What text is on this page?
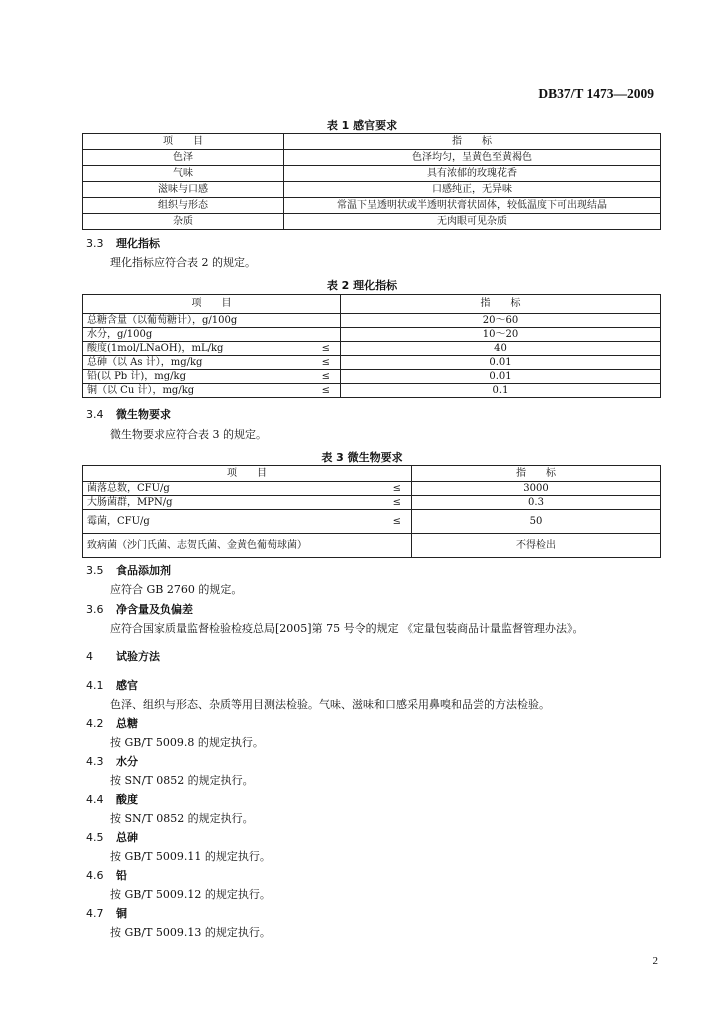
DB37/T 1473—2009
表 1 感官要求
项　　目	指　　标
色泽	色泽均匀，呈黄色至黄褐色
气味	具有浓郁的玫瑰花香
滋味与口感	口感纯正，无异味
组织与形态	常温下呈透明状或半透明状膏状固体，较低温度下可出现结晶
杂质	无肉眼可见杂质
3.3 理化指标
理化指标应符合表 2 的规定。
表 2 理化指标
项　　目		指　　标
总糖含量（以葡萄糖计），g/100g		20～60
水分，g/100g		10～20
酸度(1mol/LNaOH)，mL/kg	≤	40
总砷（以 As 计），mg/kg	≤	0.01
铅(以 Pb 计)，mg/kg	≤	0.01
铜（以 Cu 计），mg/kg	≤	0.1
3.4 微生物要求
微生物要求应符合表 3 的规定。
表 3 微生物要求
项　　目		指　　标
菌落总数，CFU/g	≤	3000
大肠菌群，MPN/g	≤	0.3
霉菌，CFU/g	≤	50
致病菌（沙门氏菌、志贺氏菌、金黄色葡萄球菌）		不得检出
3.5 食品添加剂
应符合 GB 2760 的规定。
3.6 净含量及负偏差
应符合国家质量监督检验检疫总局[2005]第 75 号令的规定 《定量包装商品计量监督管理办法》。
4 试验方法
4.1 感官
色泽、组织与形态、杂质等用目测法检验。气味、滋味和口感采用鼻嗅和品尝的方法检验。
4.2 总糖
按 GB/T 5009.8 的规定执行。
4.3 水分
按 SN/T 0852 的规定执行。
4.4 酸度
按 SN/T 0852 的规定执行。
4.5 总砷
按 GB/T 5009.11 的规定执行。
4.6 铅
按 GB/T 5009.12 的规定执行。
4.7 铜
按 GB/T 5009.13 的规定执行。
2
